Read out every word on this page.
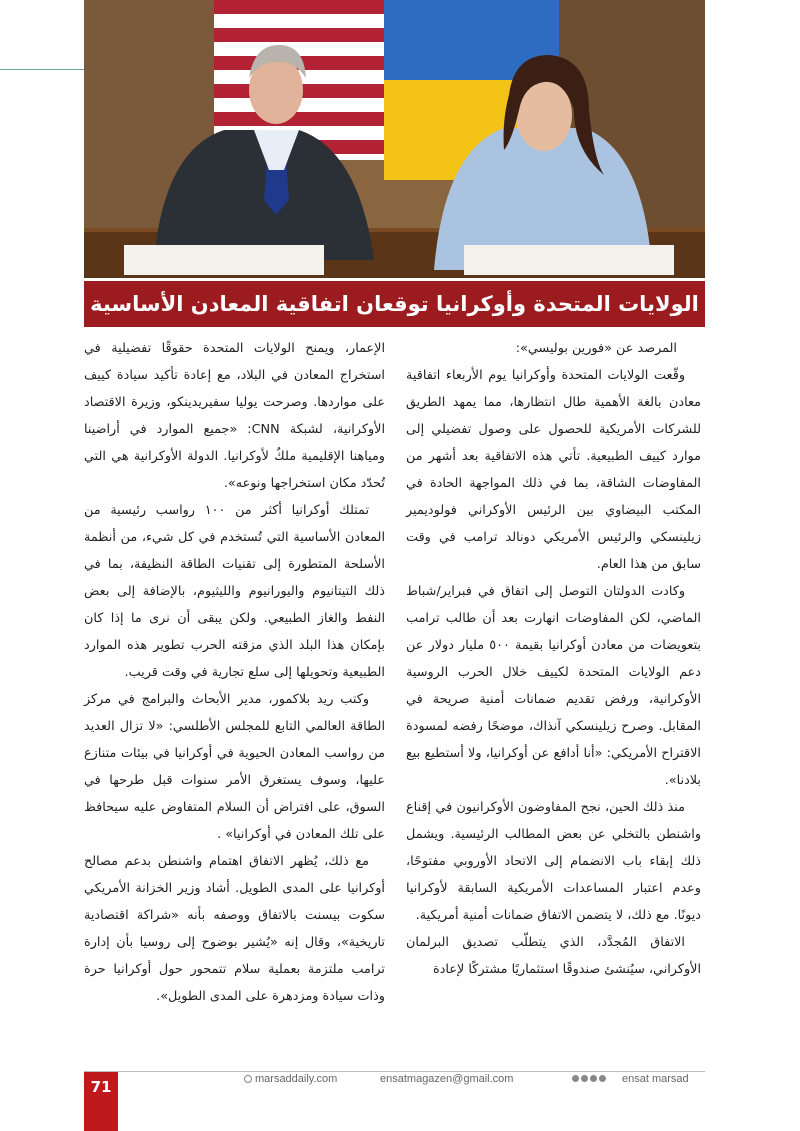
الولايات المتحدة وأوكرانيا توقعان اتفاقية المعادن الأساسية

المرصد عن «فورين بوليسي»:

وقّعت الولايات المتحدة وأوكرانيا يوم الأربعاء اتفاقية معادن بالغة الأهمية طال انتظارها، مما يمهد الطريق للشركات الأمريكية للحصول على وصول تفضيلي إلى موارد كييف الطبيعية. تأتي هذه الاتفاقية بعد أشهر من المفاوضات الشاقة، بما في ذلك المواجهة الحادة في المكتب البيضاوي بين الرئيس الأوكراني فولوديمير زيلينسكي والرئيس الأمريكي دونالد ترامب في وقت سابق من هذا العام.

وكادت الدولتان التوصل إلى اتفاق في فبراير/شباط الماضي، لكن المفاوضات انهارت بعد أن طالب ترامب بتعويضات من معادن أوكرانيا بقيمة ٥٠٠ مليار دولار عن دعم الولايات المتحدة لكييف خلال الحرب الروسية الأوكرانية، ورفض تقديم ضمانات أمنية صريحة في المقابل. وصرح زيلينسكي آنذاك، موضحًا رفضه لمسودة الاقتراح الأمريكي: «أنا أدافع عن أوكرانيا، ولا أستطيع بيع بلادنا».

منذ ذلك الحين، نجح المفاوضون الأوكرانيون في إقناع واشنطن بالتخلي عن بعض المطالب الرئيسية. ويشمل ذلك إبقاء باب الانضمام إلى الاتحاد الأوروبي مفتوحًا، وعدم اعتبار المساعدات الأمريكية السابقة لأوكرانيا ديونًا. مع ذلك، لا يتضمن الاتفاق ضمانات أمنية أمريكية.

الاتفاق المُجدَّد، الذي يتطلّب تصديق البرلمان الأوكراني، سيُنشئ صندوقًا استثماريًا مشتركًا لإعادة

الإعمار، ويمنح الولايات المتحدة حقوقًا تفضيلية في استخراج المعادن في البلاد، مع إعادة تأكيد سيادة كييف على مواردها. وصرحت يوليا سفيريدينكو، وزيرة الاقتصاد الأوكرانية، لشبكة CNN: «جميع الموارد في أراضينا ومياهنا الإقليمية ملكٌ لأوكرانيا. الدولة الأوكرانية هي التي تُحدّد مكان استخراجها ونوعه».

تمتلك أوكرانيا أكثر من ١٠٠ رواسب رئيسية من المعادن الأساسية التي تُستخدم في كل شيء، من أنظمة الأسلحة المتطورة إلى تقنيات الطاقة النظيفة، بما في ذلك التيتانيوم واليورانيوم والليثيوم، بالإضافة إلى بعض النفط والغاز الطبيعي. ولكن يبقى أن نرى ما إذا كان بإمكان هذا البلد الذي مزقته الحرب تطوير هذه الموارد الطبيعية وتحويلها إلى سلع تجارية في وقت قريب.

وكتب ريد بلاكمور، مدير الأبحاث والبرامج في مركز الطاقة العالمي التابع للمجلس الأطلسي: «لا تزال العديد من رواسب المعادن الحيوية في أوكرانيا في بيئات متنازع عليها، وسوف يستغرق الأمر سنوات قبل طرحها في السوق، على افتراض أن السلام المتفاوض عليه سيحافظ على تلك المعادن في أوكرانيا» .

مع ذلك، يُظهر الاتفاق اهتمام واشنطن بدعم مصالح أوكرانيا على المدى الطويل. أشاد وزير الخزانة الأمريكي سكوت بيسنت بالاتفاق ووصفه بأنه «شراكة اقتصادية تاريخية»، وقال إنه «يُشير بوضوح إلى روسيا بأن إدارة ترامب ملتزمة بعملية سلام تتمحور حول أوكرانيا حرة وذات سيادة ومزدهرة على المدى الطويل».

71	marsaddaily.com	ensatmagazen@gmail.com	ensat marsad
